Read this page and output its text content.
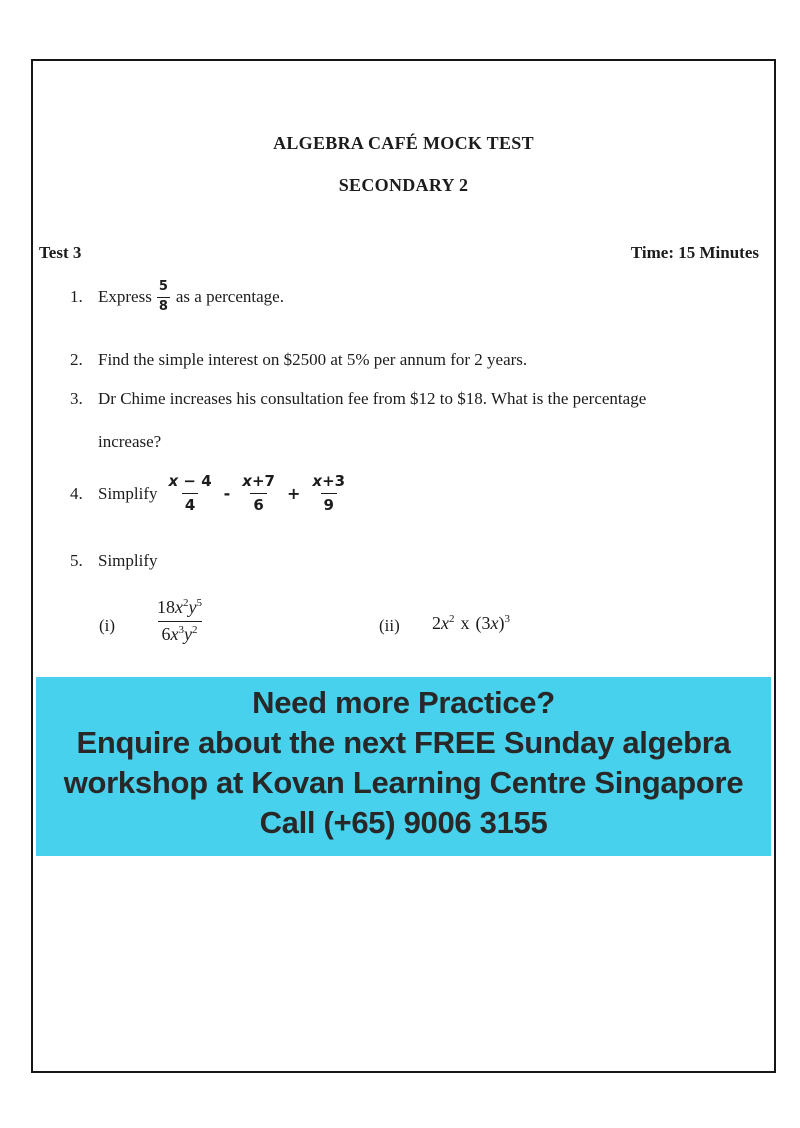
ALGEBRA CAFÉ MOCK TEST
SECONDARY 2
Test 3	Time: 15 Minutes
1. Express $\frac{5}{8}$ as a percentage.
2. Find the simple interest on $2500 at 5% per annum for 2 years.
3. Dr Chime increases his consultation fee from $12 to $18. What is the percentage
increase?
4. Simplify $\frac{x - 4}{4} - \frac{x+7}{6} + \frac{x+3}{9}$
5. Simplify
$(i) \frac{18x^2y^5}{6x^3y^2}$	(ii) $2x^2$ x $(3x)^3$
Need more Practice?
Enquire about the next FREE Sunday algebra
workshop at Kovan Learning Centre Singapore
Call (+65) 9006 3155
